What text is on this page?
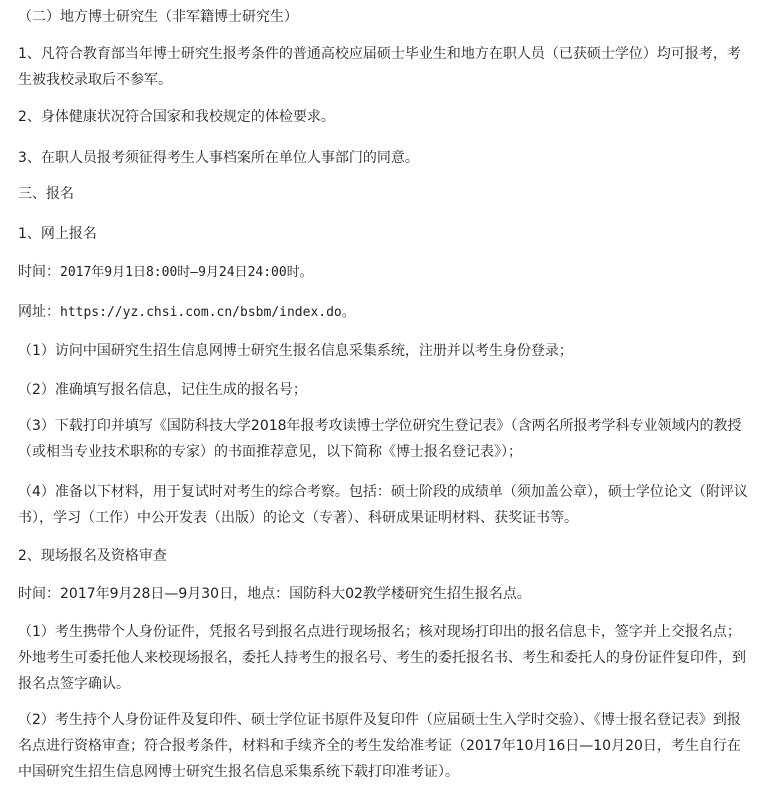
（二）地方博士研究生（非军籍博士研究生）

1、凡符合教育部当年博士研究生报考条件的普通高校应届硕士毕业生和地方在职人员（已获硕士学位）均可报考，考生被我校录取后不参军。

2、身体健康状况符合国家和我校规定的体检要求。

3、在职人员报考须征得考生人事档案所在单位人事部门的同意。

三、报名

1、网上报名

时间：2017年9月1日8:00时—9月24日24:00时。

网址：https://yz.chsi.com.cn/bsbm/index.do。

（1）访问中国研究生招生信息网博士研究生报名信息采集系统，注册并以考生身份登录；

（2）准确填写报名信息，记住生成的报名号；

（3）下载打印并填写《国防科技大学2018年报考攻读博士学位研究生登记表》（含两名所报考学科专业领域内的教授（或相当专业技术职称的专家）的书面推荐意见，以下简称《博士报名登记表》）；

（4）准备以下材料，用于复试时对考生的综合考察。包括：硕士阶段的成绩单（须加盖公章），硕士学位论文（附评议书），学习（工作）中公开发表（出版）的论文（专著）、科研成果证明材料、获奖证书等。

2、现场报名及资格审查

时间：2017年9月28日—9月30日，地点：国防科大02教学楼研究生招生报名点。

（1）考生携带个人身份证件，凭报名号到报名点进行现场报名；核对现场打印出的报名信息卡，签字并上交报名点；外地考生可委托他人来校现场报名，委托人持考生的报名号、考生的委托报名书、考生和委托人的身份证件复印件，到报名点签字确认。

（2）考生持个人身份证件及复印件、硕士学位证书原件及复印件（应届硕士生入学时交验）、《博士报名登记表》到报名点进行资格审查；符合报考条件，材料和手续齐全的考生发给准考证（2017年10月16日—10月20日，考生自行在中国研究生招生信息网博士研究生报名信息采集系统下载打印准考证）。
